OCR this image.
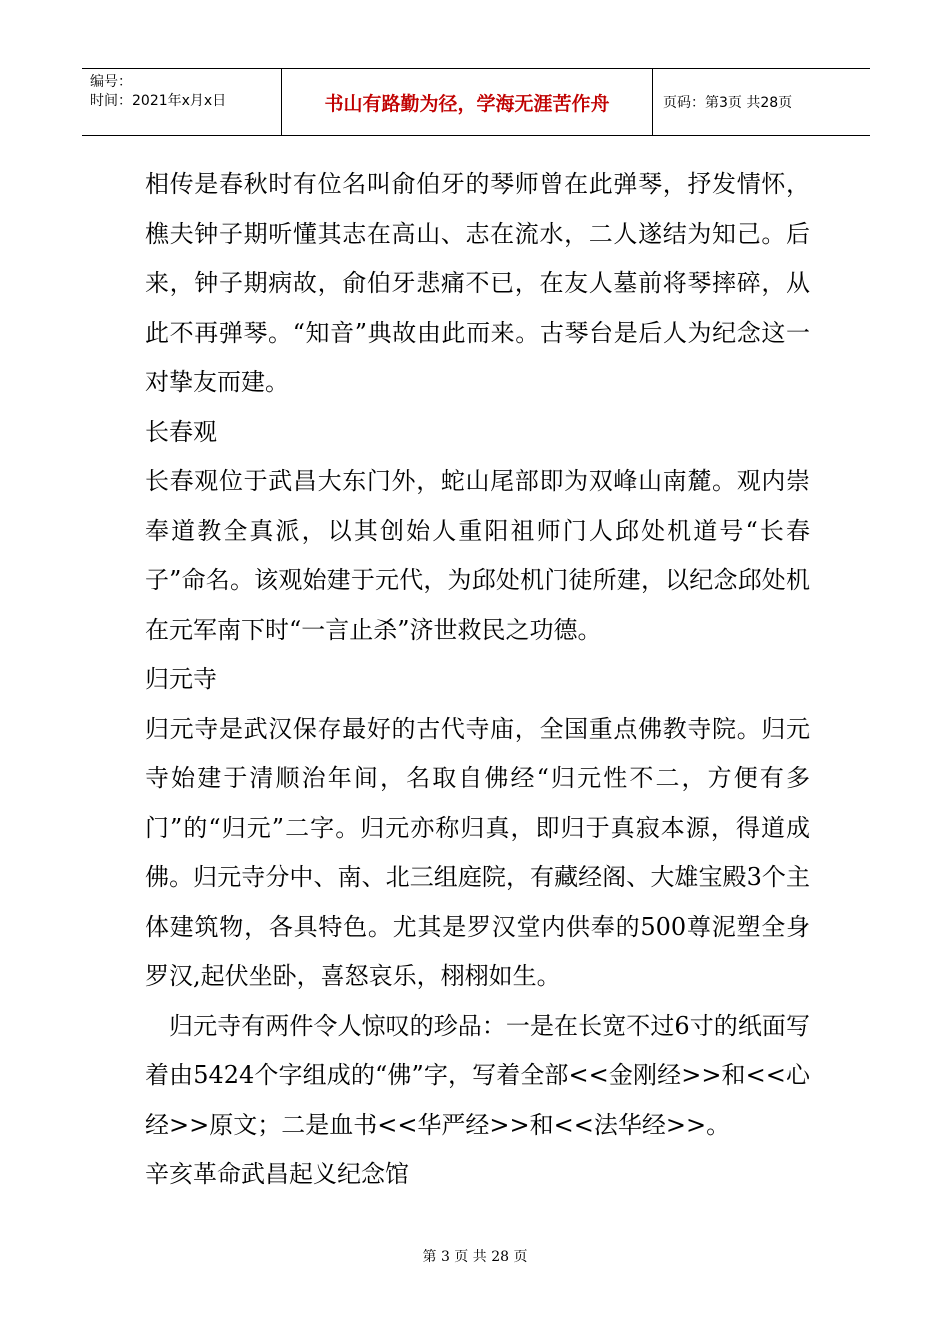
编号：
时间：2021年x月x日	书山有路勤为径，学海无涯苦作舟	页码：第3页 共28页

相传是春秋时有位名叫俞伯牙的琴师曾在此弹琴，抒发情怀，樵夫钟子期听懂其志在高山、志在流水，二人遂结为知己。后来，钟子期病故，俞伯牙悲痛不已，在友人墓前将琴摔碎，从此不再弹琴。“知音”典故由此而来。古琴台是后人为纪念这一对挚友而建。

长春观

长春观位于武昌大东门外，蛇山尾部即为双峰山南麓。观内崇奉道教全真派，以其创始人重阳祖师门人邱处机道号“长春子”命名。该观始建于元代，为邱处机门徒所建，以纪念邱处机在元军南下时“一言止杀”济世救民之功德。

归元寺

归元寺是武汉保存最好的古代寺庙，全国重点佛教寺院。归元寺始建于清顺治年间，名取自佛经“归元性不二，方便有多门”的“归元”二字。归元亦称归真，即归于真寂本源，得道成佛。归元寺分中、南、北三组庭院，有藏经阁、大雄宝殿3个主体建筑物，各具特色。尤其是罗汉堂内供奉的500尊泥塑全身罗汉,起伏坐卧，喜怒哀乐，栩栩如生。

归元寺有两件令人惊叹的珍品：一是在长宽不过6寸的纸面写着由5424个字组成的“佛”字，写着全部<<金刚经>>和<<心经>>原文；二是血书<<华严经>>和<<法华经>>。

辛亥革命武昌起义纪念馆

第 3 页 共 28 页
